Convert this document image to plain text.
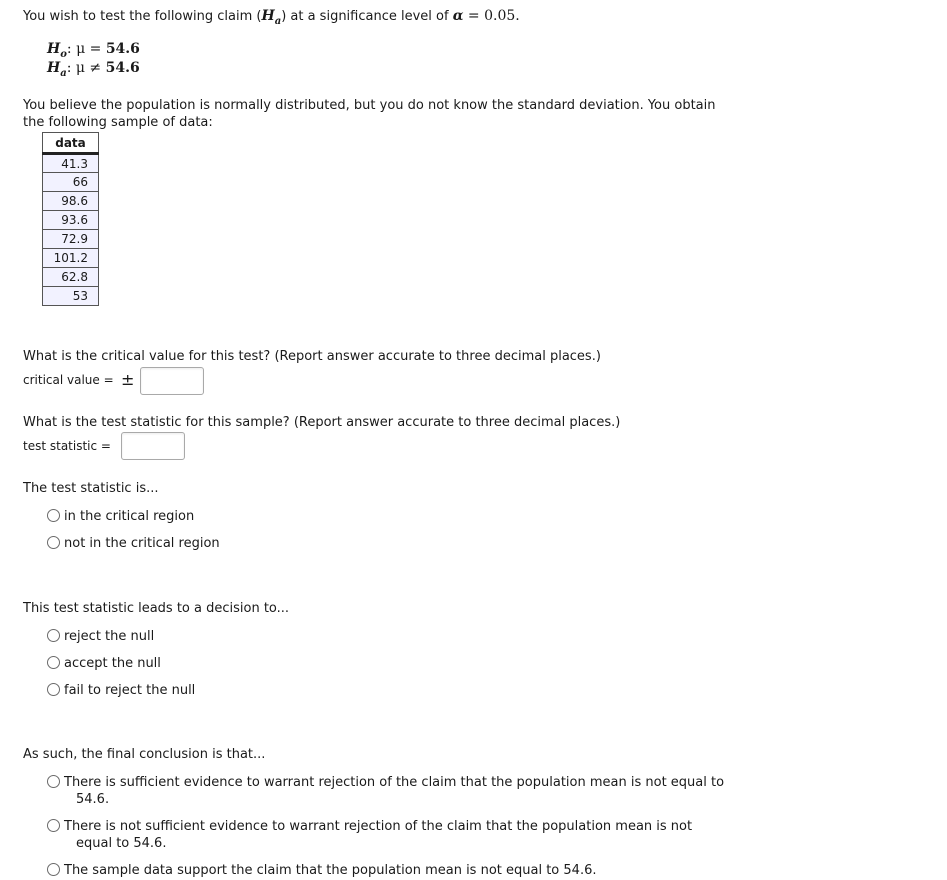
You wish to test the following claim $(H_a)$ at a significance level of α = 0.05.
$H_o$: μ = 54.6
$H_a$: μ ≠ 54.6
You believe the population is normally distributed, but you do not know the standard deviation. You obtain
the following sample of data:
data
41.3
66
98.6
93.6
72.9
101.2
62.8
53
What is the critical value for this test? (Report answer accurate to three decimal places.)
critical value = ±
What is the test statistic for this sample? (Report answer accurate to three decimal places.)
test statistic =
The test statistic is...
in the critical region
not in the critical region
This test statistic leads to a decision to...
reject the null
accept the null
fail to reject the null
As such, the final conclusion is that...
There is sufficient evidence to warrant rejection of the claim that the population mean is not equal to
54.6.
There is not sufficient evidence to warrant rejection of the claim that the population mean is not
equal to 54.6.
The sample data support the claim that the population mean is not equal to 54.6.
